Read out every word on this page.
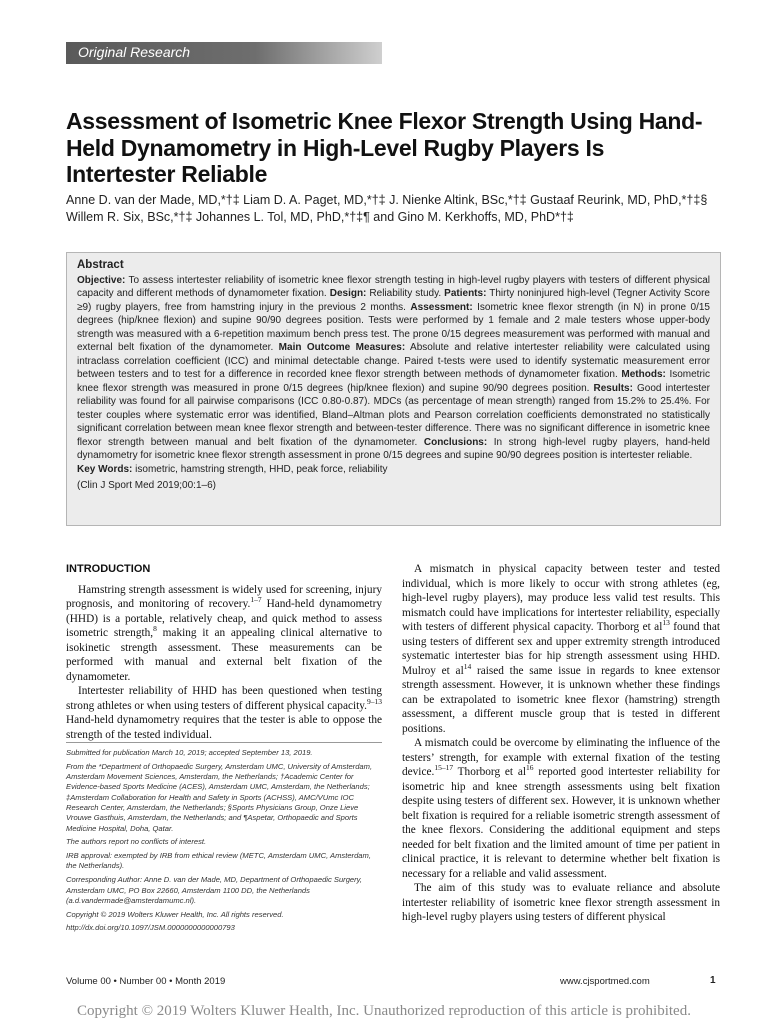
Original Research
Assessment of Isometric Knee Flexor Strength Using Hand-Held Dynamometry in High-Level Rugby Players Is Intertester Reliable
Anne D. van der Made, MD,*†‡ Liam D. A. Paget, MD,*†‡ J. Nienke Altink, BSc,*†‡ Gustaaf Reurink, MD, PhD,*†‡§ Willem R. Six, BSc,*†‡ Johannes L. Tol, MD, PhD,*†‡¶ and Gino M. Kerkhoffs, MD, PhD*†‡
Abstract
Objective: To assess intertester reliability of isometric knee flexor strength testing in high-level rugby players with testers of different physical capacity and different methods of dynamometer fixation. Design: Reliability study. Patients: Thirty noninjured high-level (Tegner Activity Score ≥9) rugby players, free from hamstring injury in the previous 2 months. Assessment: Isometric knee flexor strength (in N) in prone 0/15 degrees (hip/knee flexion) and supine 90/90 degrees position. Tests were performed by 1 female and 2 male testers whose upper-body strength was measured with a 6-repetition maximum bench press test. The prone 0/15 degrees measurement was performed with manual and external belt fixation of the dynamometer. Main Outcome Measures: Absolute and relative intertester reliability were calculated using intraclass correlation coefficient (ICC) and minimal detectable change. Paired t-tests were used to identify systematic measurement error between testers and to test for a difference in recorded knee flexor strength between methods of dynamometer fixation. Methods: Isometric knee flexor strength was measured in prone 0/15 degrees (hip/knee flexion) and supine 90/90 degrees position. Results: Good intertester reliability was found for all pairwise comparisons (ICC 0.80-0.87). MDCs (as percentage of mean strength) ranged from 15.2% to 25.4%. For tester couples where systematic error was identified, Bland–Altman plots and Pearson correlation coefficients demonstrated no statistically significant correlation between mean knee flexor strength and between-tester difference. There was no significant difference in isometric knee flexor strength between manual and belt fixation of the dynamometer. Conclusions: In strong high-level rugby players, hand-held dynamometry for isometric knee flexor strength assessment in prone 0/15 degrees and supine 90/90 degrees position is intertester reliable.
Key Words: isometric, hamstring strength, HHD, peak force, reliability
(Clin J Sport Med 2019;00:1–6)

INTRODUCTION

Hamstring strength assessment is widely used for screening, injury prognosis, and monitoring of recovery.$^{1-7}$ Hand-held dynamometry (HHD) is a portable, relatively cheap, and quick method to assess isometric strength,$^8$ making it an appealing clinical alternative to isokinetic strength assessment. These measurements can be performed with manual and external belt fixation of the dynamometer.

Intertester reliability of HHD has been questioned when testing strong athletes or when using testers of different physical capacity.$^{9-13}$ Hand-held dynamometry requires that the tester is able to oppose the strength of the tested individual.

Submitted for publication March 10, 2019; accepted September 13, 2019.

From the *Department of Orthopaedic Surgery, Amsterdam UMC, University of Amsterdam, Amsterdam Movement Sciences, Amsterdam, the Netherlands; †Academic Center for Evidence-based Sports Medicine (ACES), Amsterdam UMC, Amsterdam, the Netherlands; ‡Amsterdam Collaboration for Health and Safety in Sports (ACHSS), AMC/VUmc IOC Research Center, Amsterdam, the Netherlands; §Sports Physicians Group, Onze Lieve Vrouwe Gasthuis, Amsterdam, the Netherlands; and ¶Aspetar, Orthopaedic and Sports Medicine Hospital, Doha, Qatar.

The authors report no conflicts of interest.

IRB approval: exempted by IRB from ethical review (METC, Amsterdam UMC, Amsterdam, the Netherlands).

Corresponding Author: Anne D. van der Made, MD, Department of Orthopaedic Surgery, Amsterdam UMC, PO Box 22660, Amsterdam 1100 DD, the Netherlands (a.d.vandermade@amsterdamumc.nl).

Copyright © 2019 Wolters Kluwer Health, Inc. All rights reserved.

http://dx.doi.org/10.1097/JSM.0000000000000793

A mismatch in physical capacity between tester and tested individual, which is more likely to occur with strong athletes (eg, high-level rugby players), may produce less valid test results. This mismatch could have implications for intertester reliability, especially with testers of different physical capacity. Thorborg et $al^{13}$ found that using testers of different sex and upper extremity strength introduced systematic intertester bias for hip strength assessment using HHD. Mulroy et $al^{14}$ raised the same issue in regards to knee extensor strength assessment. However, it is unknown whether these findings can be extrapolated to isometric knee flexor (hamstring) strength assessment, a different muscle group that is tested in different positions.

A mismatch could be overcome by eliminating the influence of the testers’ strength, for example with external fixation of the testing device.$^{15-17}$ Thorborg et $al^{16}$ reported good intertester reliability for isometric hip and knee strength assessments using belt fixation despite using testers of different sex. However, it is unknown whether belt fixation is required for a reliable isometric strength assessment of the knee flexors. Considering the additional equipment and steps needed for belt fixation and the limited amount of time per patient in clinical practice, it is relevant to determine whether belt fixation is necessary for a reliable and valid assessment.

The aim of this study was to evaluate reliance and absolute intertester reliability of isometric knee flexor strength assessment in high-level rugby players using testers of different physical

Volume 00 • Number 00 • Month 2019	www.cjsportmed.com	1
Copyright © 2019 Wolters Kluwer Health, Inc. Unauthorized reproduction of this article is prohibited.
